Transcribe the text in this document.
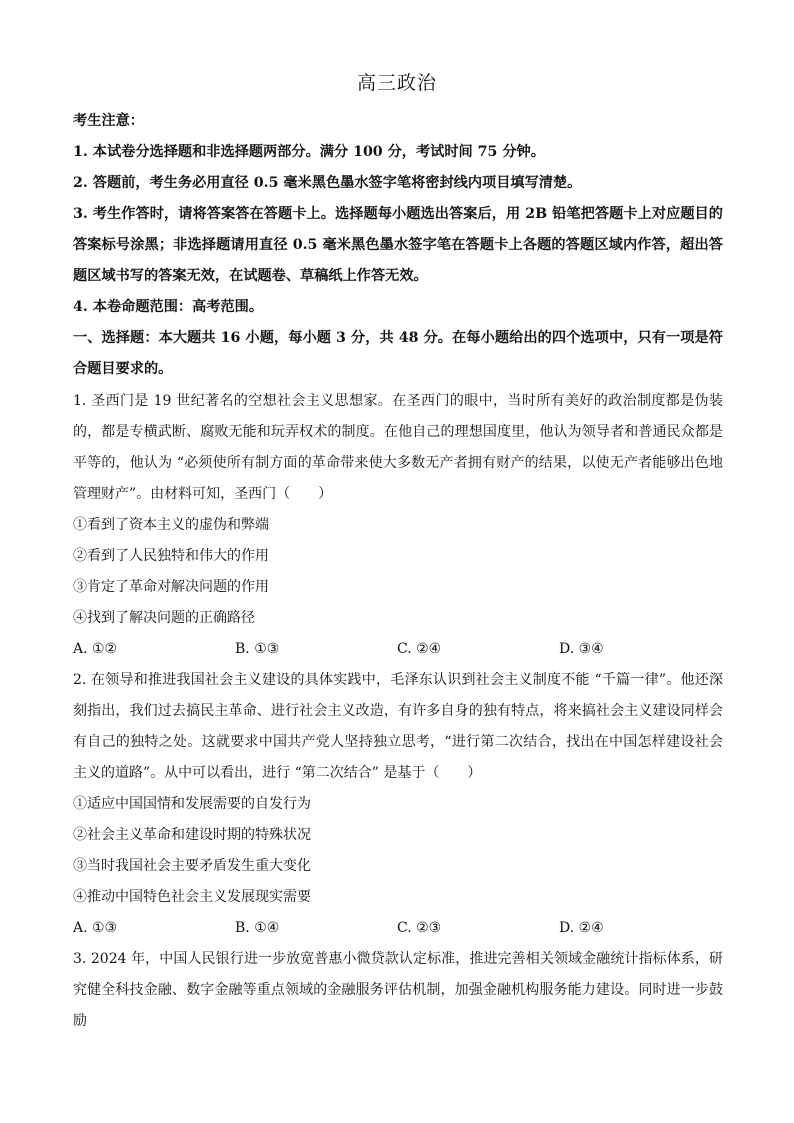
高三政治
考生注意：
1. 本试卷分选择题和非选择题两部分。满分 100 分，考试时间 75 分钟。
2. 答题前，考生务必用直径 0.5 毫米黑色墨水签字笔将密封线内项目填写清楚。
3. 考生作答时，请将答案答在答题卡上。选择题每小题选出答案后，用 2B 铅笔把答题卡上对应题目的答案标号涂黑；非选择题请用直径 0.5 毫米黑色墨水签字笔在答题卡上各题的答题区域内作答，超出答题区域书写的答案无效，在试题卷、草稿纸上作答无效。
4. 本卷命题范围：高考范围。
一、选择题：本大题共 16 小题，每小题 3 分，共 48 分。在每小题给出的四个选项中，只有一项是符合题目要求的。

1. 圣西门是 19 世纪著名的空想社会主义思想家。在圣西门的眼中，当时所有美好的政治制度都是伪装的，都是专横武断、腐败无能和玩弄权术的制度。在他自己的理想国度里，他认为领导者和普通民众都是平等的，他认为 “必须使所有制方面的革命带来使大多数无产者拥有财产的结果，以使无产者能够出色地管理财产”。由材料可知，圣西门（　　）

①看到了资本主义的虚伪和弊端

②看到了人民独特和伟大的作用

③肯定了革命对解决问题的作用

④找到了解决问题的正确路径

A. ①②	B. ①③	C. ②④	D. ③④

2. 在领导和推进我国社会主义建设的具体实践中，毛泽东认识到社会主义制度不能 “千篇一律”。他还深刻指出，我们过去搞民主革命、进行社会主义改造，有许多自身的独有特点，将来搞社会主义建设同样会有自己的独特之处。这就要求中国共产党人坚持独立思考，“进行第二次结合，找出在中国怎样建设社会主义的道路”。从中可以看出，进行 “第二次结合” 是基于（　　）

①适应中国国情和发展需要的自发行为

②社会主义革命和建设时期的特殊状况

③当时我国社会主要矛盾发生重大变化

④推动中国特色社会主义发展现实需要

A. ①③	B. ①④	C. ②③	D. ②④

3. 2024 年，中国人民银行进一步放宽普惠小微贷款认定标准，推进完善相关领域金融统计指标体系，研究健全科技金融、数字金融等重点领域的金融服务评估机制，加强金融机构服务能力建设。同时进一步鼓励
